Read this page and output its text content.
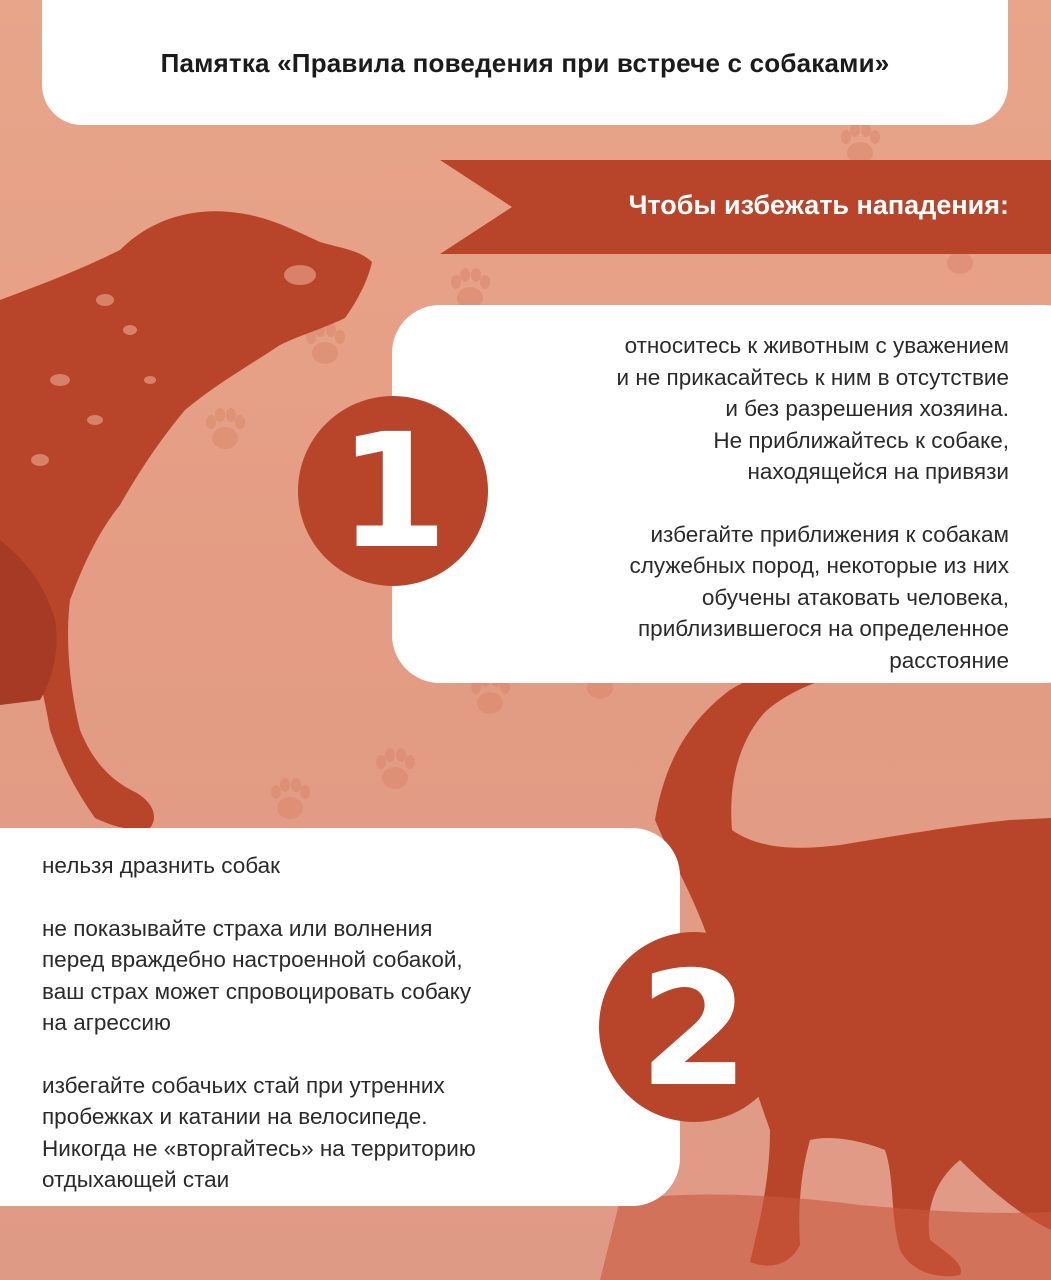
Памятка «Правила поведения при встрече с собаками»
Чтобы избежать нападения:

относитесь к животным с уважением
и не прикасайтесь к ним в отсутствие
и без разрешения хозяина.
Не приближайтесь к собаке,
находящейся на привязи

избегайте приближения к собакам
служебных пород, некоторые из них
обучены атаковать человека,
приблизившегося на определенное
расстояние

1

нельзя дразнить собак

не показывайте страха или волнения
перед враждебно настроенной собакой,
ваш страх может спровоцировать собаку
на агрессию

избегайте собачьих стай при утренних
пробежках и катании на велосипеде.
Никогда не «вторгайтесь» на территорию
отдыхающей стаи

2
